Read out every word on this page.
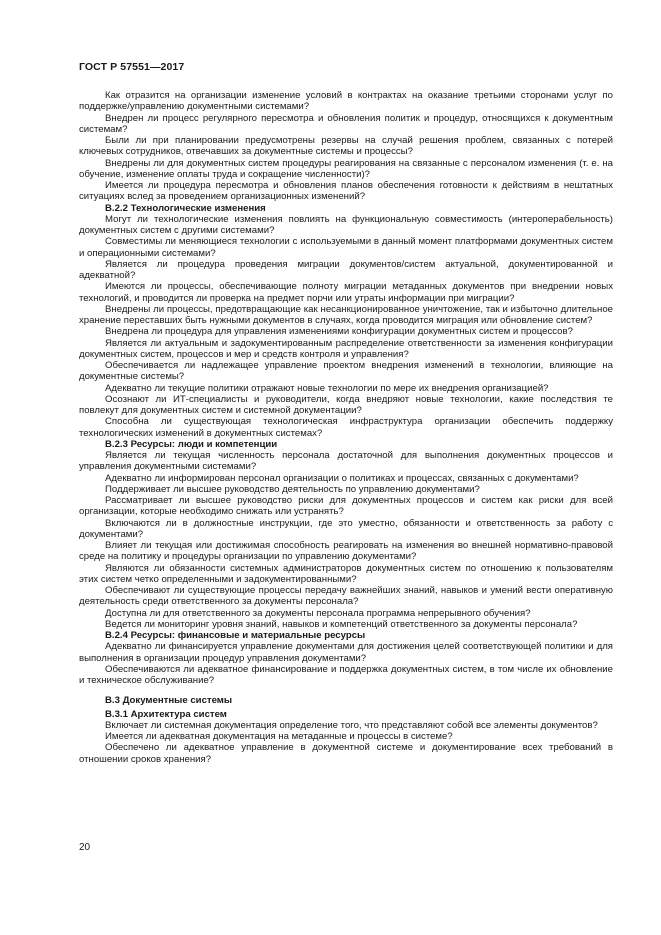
ГОСТ Р 57551—2017

Как отразится на организации изменение условий в контрактах на оказание третьими сторонами услуг по поддержке/управлению документными системами?

Внедрен ли процесс регулярного пересмотра и обновления политик и процедур, относящихся к документным системам?

Были ли при планировании предусмотрены резервы на случай решения проблем, связанных с потерей ключевых сотрудников, отвечавших за документные системы и процессы?

Внедрены ли для документных систем процедуры реагирования на связанные с персоналом изменения (т. е. на обучение, изменение оплаты труда и сокращение численности)?

Имеется ли процедура пересмотра и обновления планов обеспечения готовности к действиям в нештатных ситуациях вслед за проведением организационных изменений?

В.2.2 Технологические изменения

Могут ли технологические изменения повлиять на функциональную совместимость (интероперабельность) документных систем с другими системами?

Совместимы ли меняющиеся технологии с используемыми в данный момент платформами документных систем и операционными системами?

Является ли процедура проведения миграции документов/систем актуальной, документированной и адекватной?

Имеются ли процессы, обеспечивающие полноту миграции метаданных документов при внедрении новых технологий, и проводится ли проверка на предмет порчи или утраты информации при миграции?

Внедрены ли процессы, предотвращающие как несанкционированное уничтожение, так и избыточно длительное хранение переставших быть нужными документов в случаях, когда проводится миграция или обновление систем?

Внедрена ли процедура для управления изменениями конфигурации документных систем и процессов?

Является ли актуальным и задокументированным распределение ответственности за изменения конфигурации документных систем, процессов и мер и средств контроля и управления?

Обеспечивается ли надлежащее управление проектом внедрения изменений в технологии, влияющие на документные системы?

Адекватно ли текущие политики отражают новые технологии по мере их внедрения организацией?

Осознают ли ИТ-специалисты и руководители, когда внедряют новые технологии, какие последствия те повлекут для документных систем и системной документации?

Способна ли существующая технологическая инфраструктура организации обеспечить поддержку технологических изменений в документных системах?

В.2.3 Ресурсы: люди и компетенции

Является ли текущая численность персонала достаточной для выполнения документных процессов и управления документными системами?

Адекватно ли информирован персонал организации о политиках и процессах, связанных с документами?

Поддерживает ли высшее руководство деятельность по управлению документами?

Рассматривает ли высшее руководство риски для документных процессов и систем как риски для всей организации, которые необходимо снижать или устранять?

Включаются ли в должностные инструкции, где это уместно, обязанности и ответственность за работу с документами?

Влияет ли текущая или достижимая способность реагировать на изменения во внешней нормативно-правовой среде на политику и процедуры организации по управлению документами?

Являются ли обязанности системных администраторов документных систем по отношению к пользователям этих систем четко определенными и задокументированными?

Обеспечивают ли существующие процессы передачу важнейших знаний, навыков и умений вести оперативную деятельность среди ответственного за документы персонала?

Доступна ли для ответственного за документы персонала программа непрерывного обучения?

Ведется ли мониторинг уровня знаний, навыков и компетенций ответственного за документы персонала?

В.2.4 Ресурсы: финансовые и материальные ресурсы

Адекватно ли финансируется управление документами для достижения целей соответствующей политики и для выполнения в организации процедур управления документами?

Обеспечиваются ли адекватное финансирование и поддержка документных систем, в том числе их обновление и техническое обслуживание?

В.3 Документные системы
В.3.1 Архитектура систем

Включает ли системная документация определение того, что представляют собой все элементы документов?

Имеется ли адекватная документация на метаданные и процессы в системе?

Обеспечено ли адекватное управление в документной системе и документирование всех требований в отношении сроков хранения?

20
